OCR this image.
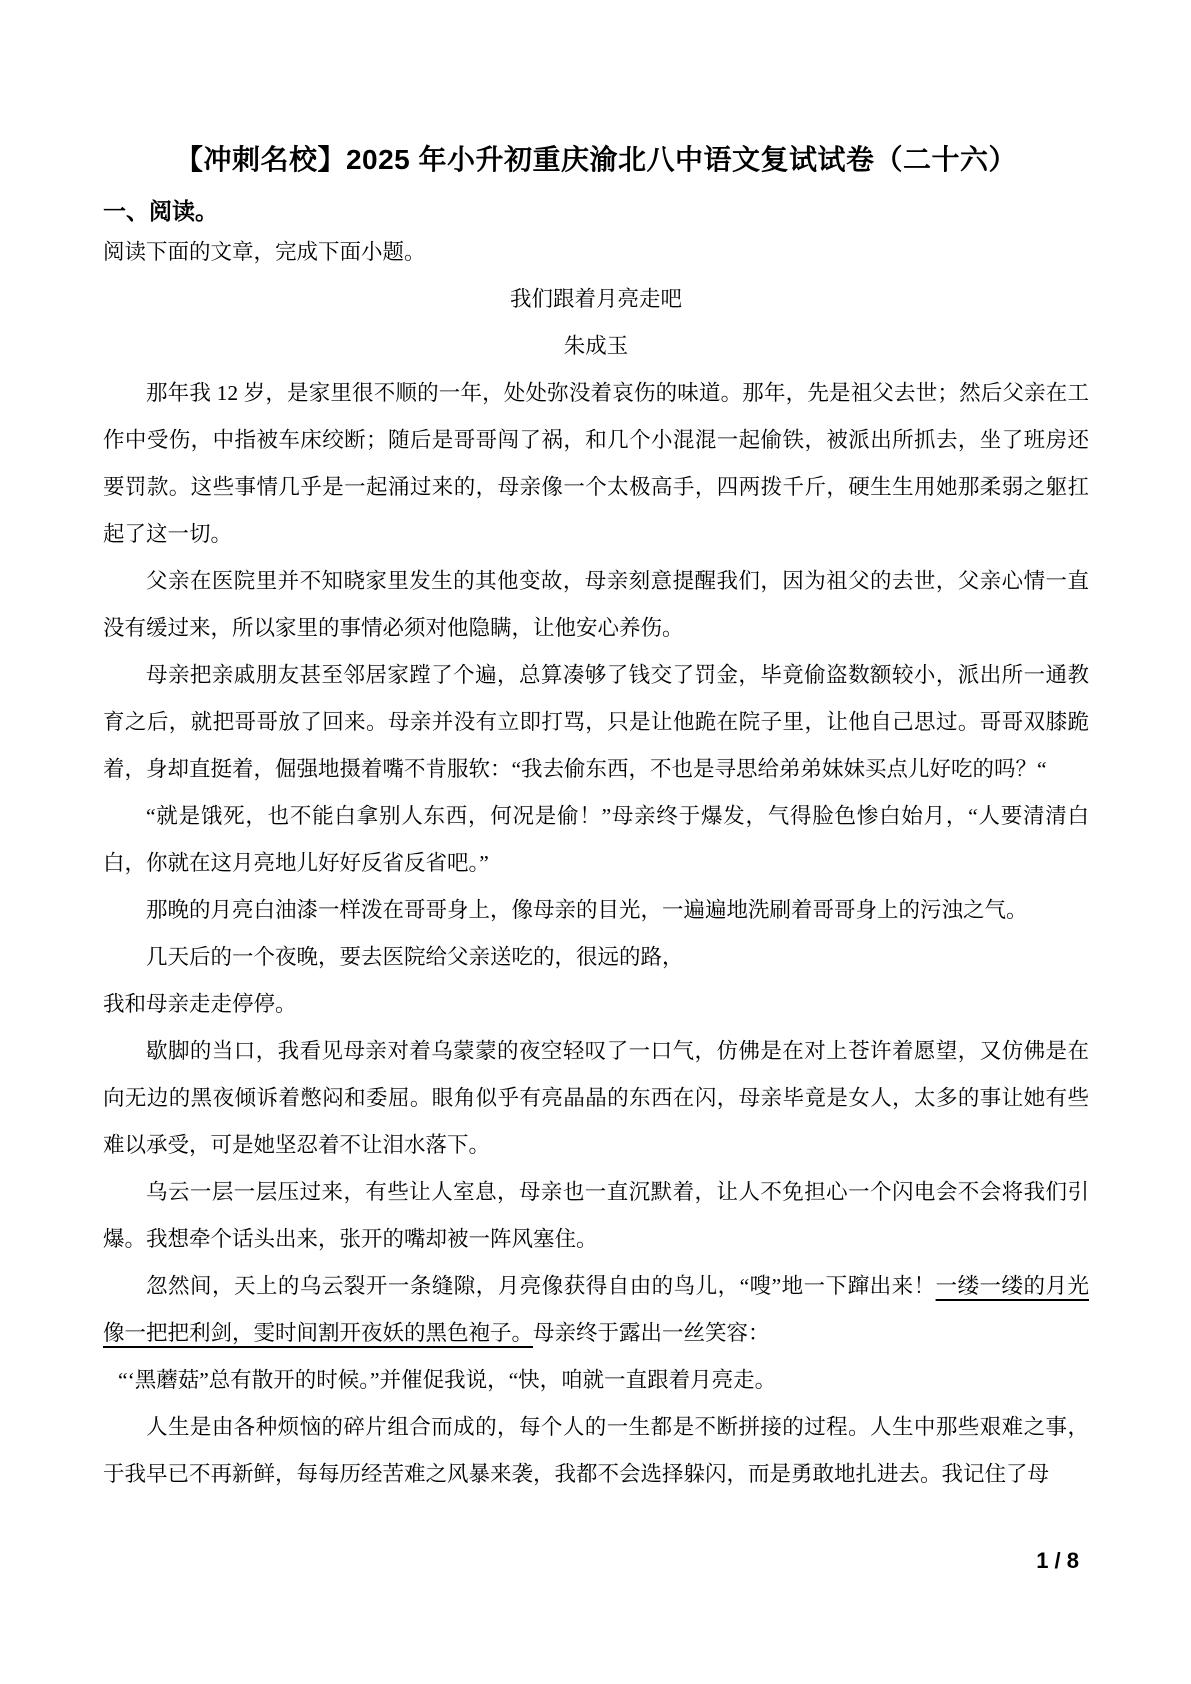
【冲刺名校】2025 年小升初重庆渝北八中语文复试试卷（二十六）
一、阅读。

阅读下面的文章，完成下面小题。

我们跟着月亮走吧

朱成玉

那年我 12 岁，是家里很不顺的一年，处处弥没着哀伤的味道。那年，先是祖父去世；然后父亲在工作中受伤，中指被车床绞断；随后是哥哥闯了祸，和几个小混混一起偷铁，被派出所抓去，坐了班房还要罚款。这些事情几乎是一起涌过来的，母亲像一个太极高手，四两拨千斤，硬生生用她那柔弱之躯扛起了这一切。

父亲在医院里并不知晓家里发生的其他变故，母亲刻意提醒我们，因为祖父的去世，父亲心情一直没有缓过来，所以家里的事情必须对他隐瞒，让他安心养伤。

母亲把亲戚朋友甚至邻居家蹚了个遍，总算凑够了钱交了罚金，毕竟偷盗数额较小，派出所一通教育之后，就把哥哥放了回来。母亲并没有立即打骂，只是让他跪在院子里，让他自己思过。哥哥双膝跪着，身却直挺着，倔强地摄着嘴不肯服软：“我去偷东西，不也是寻思给弟弟妹妹买点儿好吃的吗？“

“就是饿死，也不能白拿别人东西，何况是偷！”母亲终于爆发，气得脸色惨白始月，“人要清清白白，你就在这月亮地儿好好反省反省吧。”

那晚的月亮白油漆一样泼在哥哥身上，像母亲的目光，一遍遍地洗刷着哥哥身上的污浊之气。

几天后的一个夜晚，要去医院给父亲送吃的，很远的路，

我和母亲走走停停。

歇脚的当口，我看见母亲对着乌蒙蒙的夜空轻叹了一口气，仿佛是在对上苍许着愿望，又仿佛是在向无边的黑夜倾诉着憋闷和委屈。眼角似乎有亮晶晶的东西在闪，母亲毕竟是女人，太多的事让她有些难以承受，可是她坚忍着不让泪水落下。

乌云一层一层压过来，有些让人室息，母亲也一直沉默着，让人不免担心一个闪电会不会将我们引爆。我想牵个话头出来，张开的嘴却被一阵风塞住。

忽然间，天上的乌云裂开一条缝隙，月亮像获得自由的鸟儿，“嗖”地一下蹿出来！一缕一缕的月光像一把把利剑，雯时间割开夜妖的黑色袍子。母亲终于露出一丝笑容：

“‘黑蘑菇”总有散开的时候。”并催促我说，“快，咱就一直跟着月亮走。

人生是由各种烦恼的碎片组合而成的，每个人的一生都是不断拼接的过程。人生中那些艰难之事，于我早已不再新鲜，每每历经苦难之风暴来袭，我都不会选择躲闪，而是勇敢地扎进去。我记住了母

1 / 8
